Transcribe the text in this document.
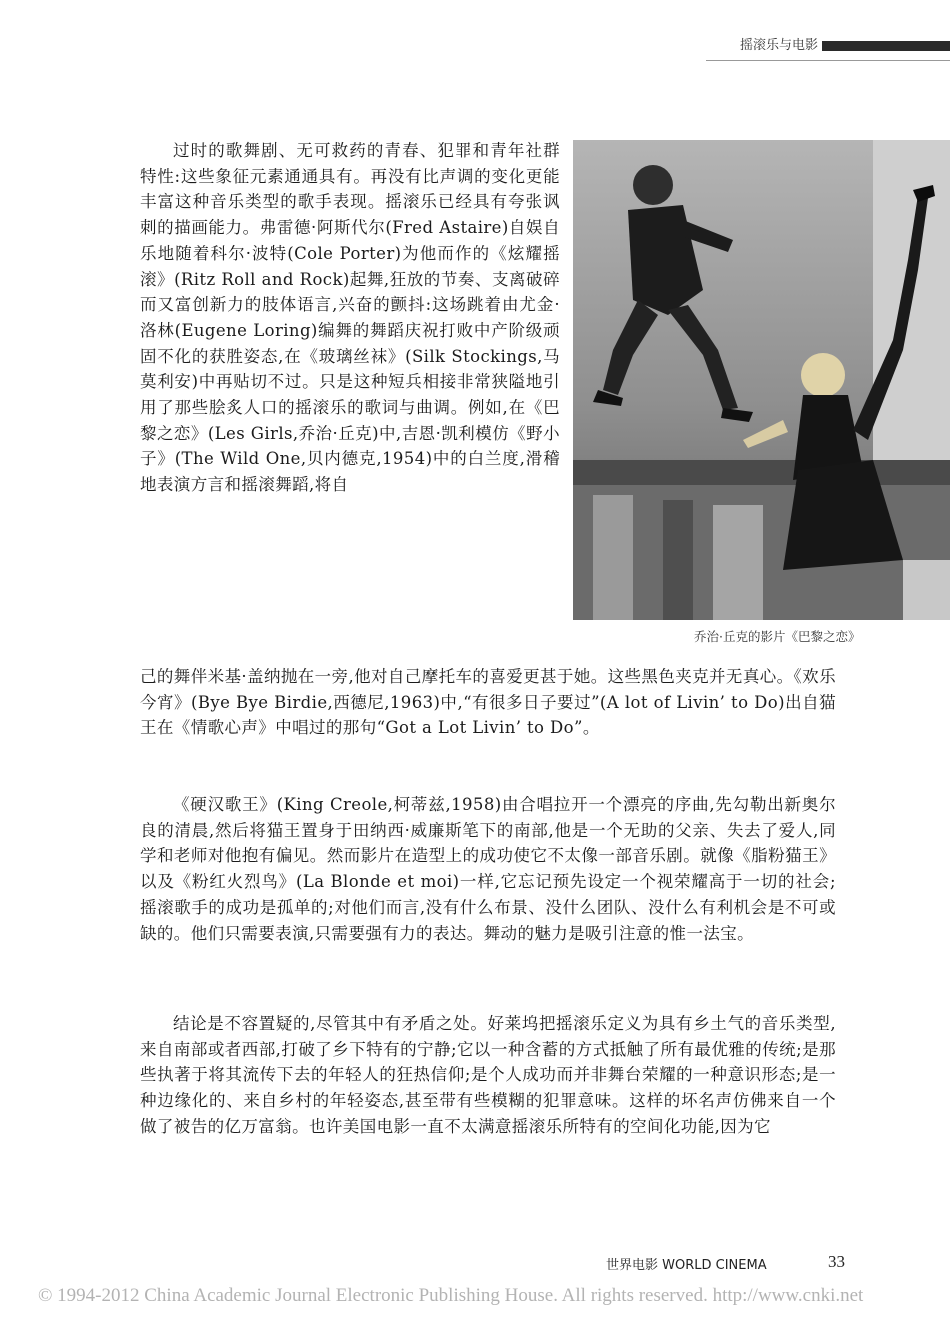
摇滚乐与电影
过时的歌舞剧、无可救药的青春、犯罪和青年社群特性:这些象征元素通通具有。再没有比声调的变化更能丰富这种音乐类型的歌手表现。摇滚乐已经具有夸张讽刺的描画能力。弗雷德·阿斯代尔(Fred Astaire)自娱自乐地随着科尔·波特(Cole Porter)为他而作的《炫耀摇滚》(Ritz Roll and Rock)起舞,狂放的节奏、支离破碎而又富创新力的肢体语言,兴奋的颤抖:这场跳着由尤金·洛林(Eugene Loring)编舞的舞蹈庆祝打败中产阶级顽固不化的获胜姿态,在《玻璃丝袜》(Silk Stockings,马莫利安)中再贴切不过。只是这种短兵相接非常狭隘地引用了那些脍炙人口的摇滚乐的歌词与曲调。例如,在《巴黎之恋》(Les Girls,乔治·丘克)中,吉恩·凯利模仿《野小子》(The Wild One,贝内德克,1954)中的白兰度,滑稽地表演方言和摇滚舞蹈,将自
乔治·丘克的影片《巴黎之恋》
己的舞伴米基·盖纳抛在一旁,他对自己摩托车的喜爱更甚于她。这些黑色夹克并无真心。《欢乐今宵》(Bye Bye Birdie,西德尼,1963)中,“有很多日子要过”(A lot of Livin’ to Do)出自猫王在《情歌心声》中唱过的那句“Got a Lot Livin’ to Do”。
《硬汉歌王》(King Creole,柯蒂兹,1958)由合唱拉开一个漂亮的序曲,先勾勒出新奥尔良的清晨,然后将猫王置身于田纳西·威廉斯笔下的南部,他是一个无助的父亲、失去了爱人,同学和老师对他抱有偏见。然而影片在造型上的成功使它不太像一部音乐剧。就像《脂粉猫王》以及《粉红火烈鸟》(La Blonde et moi)一样,它忘记预先设定一个视荣耀高于一切的社会;摇滚歌手的成功是孤单的;对他们而言,没有什么布景、没什么团队、没什么有利机会是不可或缺的。他们只需要表演,只需要强有力的表达。舞动的魅力是吸引注意的惟一法宝。
结论是不容置疑的,尽管其中有矛盾之处。好莱坞把摇滚乐定义为具有乡土气的音乐类型,来自南部或者西部,打破了乡下特有的宁静;它以一种含蓄的方式抵触了所有最优雅的传统;是那些执著于将其流传下去的年轻人的狂热信仰;是个人成功而并非舞台荣耀的一种意识形态;是一种边缘化的、来自乡村的年轻姿态,甚至带有些模糊的犯罪意味。这样的坏名声仿佛来自一个做了被告的亿万富翁。也许美国电影一直不太满意摇滚乐所特有的空间化功能,因为它
世界电影 WORLD CINEMA	33
© 1994-2012 China Academic Journal Electronic Publishing House. All rights reserved. http://www.cnki.net
